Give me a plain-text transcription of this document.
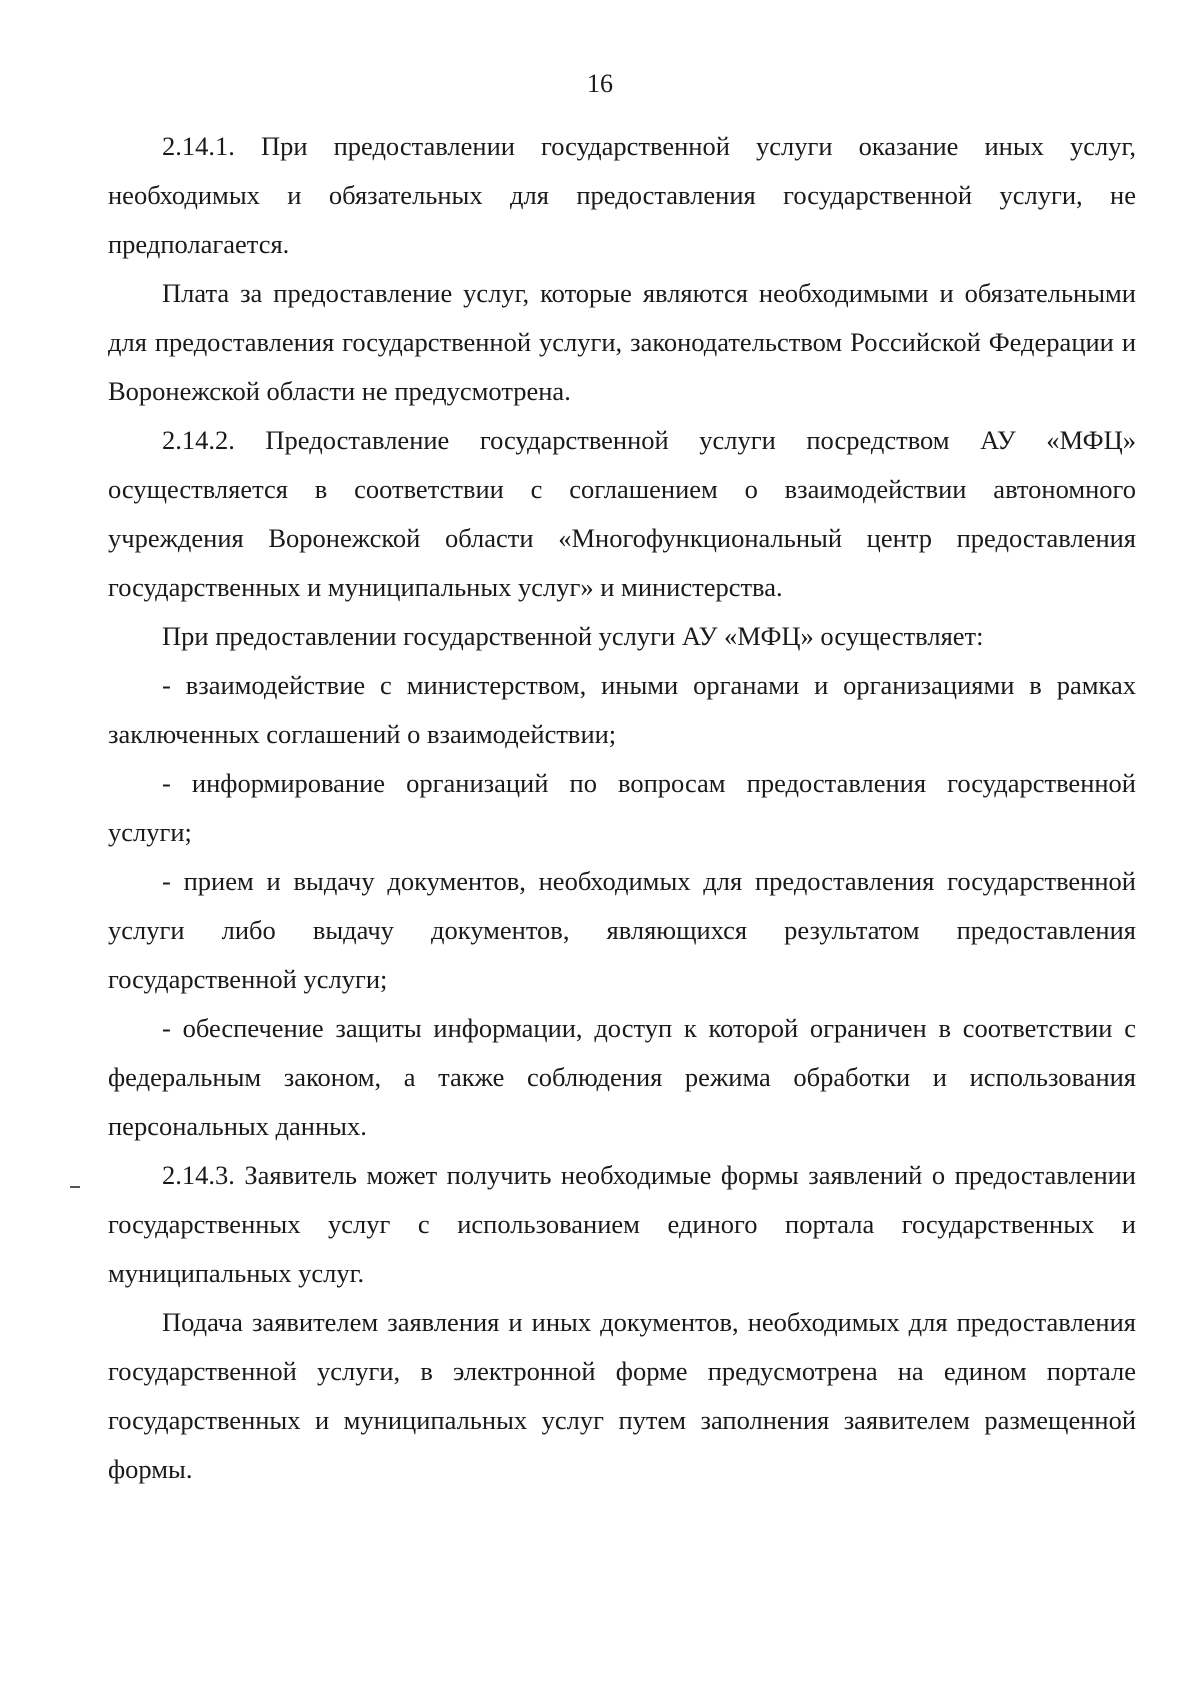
16

2.14.1. При предоставлении государственной услуги оказание иных услуг, необходимых и обязательных для предоставления государственной услуги, не предполагается.

Плата за предоставление услуг, которые являются необходимыми и обязательными для предоставления государственной услуги, законодательством Российской Федерации и Воронежской области не предусмотрена.

2.14.2. Предоставление государственной услуги посредством АУ «МФЦ» осуществляется в соответствии с соглашением о взаимодействии автономного учреждения Воронежской области «Многофункциональный центр предоставления государственных и муниципальных услуг» и министерства.

При предоставлении государственной услуги АУ «МФЦ» осуществляет:

- взаимодействие с министерством, иными органами и организациями в рамках заключенных соглашений о взаимодействии;

- информирование организаций по вопросам предоставления государственной услуги;

- прием и выдачу документов, необходимых для предоставления государственной услуги либо выдачу документов, являющихся результатом предоставления государственной услуги;

- обеспечение защиты информации, доступ к которой ограничен в соответствии с федеральным законом, а также соблюдения режима обработки и использования персональных данных.

2.14.3. Заявитель может получить необходимые формы заявлений о предоставлении государственных услуг с использованием единого портала государственных и муниципальных услуг.

Подача заявителем заявления и иных документов, необходимых для предоставления государственной услуги, в электронной форме предусмотрена на едином портале государственных и муниципальных услуг путем заполнения заявителем размещенной формы.
